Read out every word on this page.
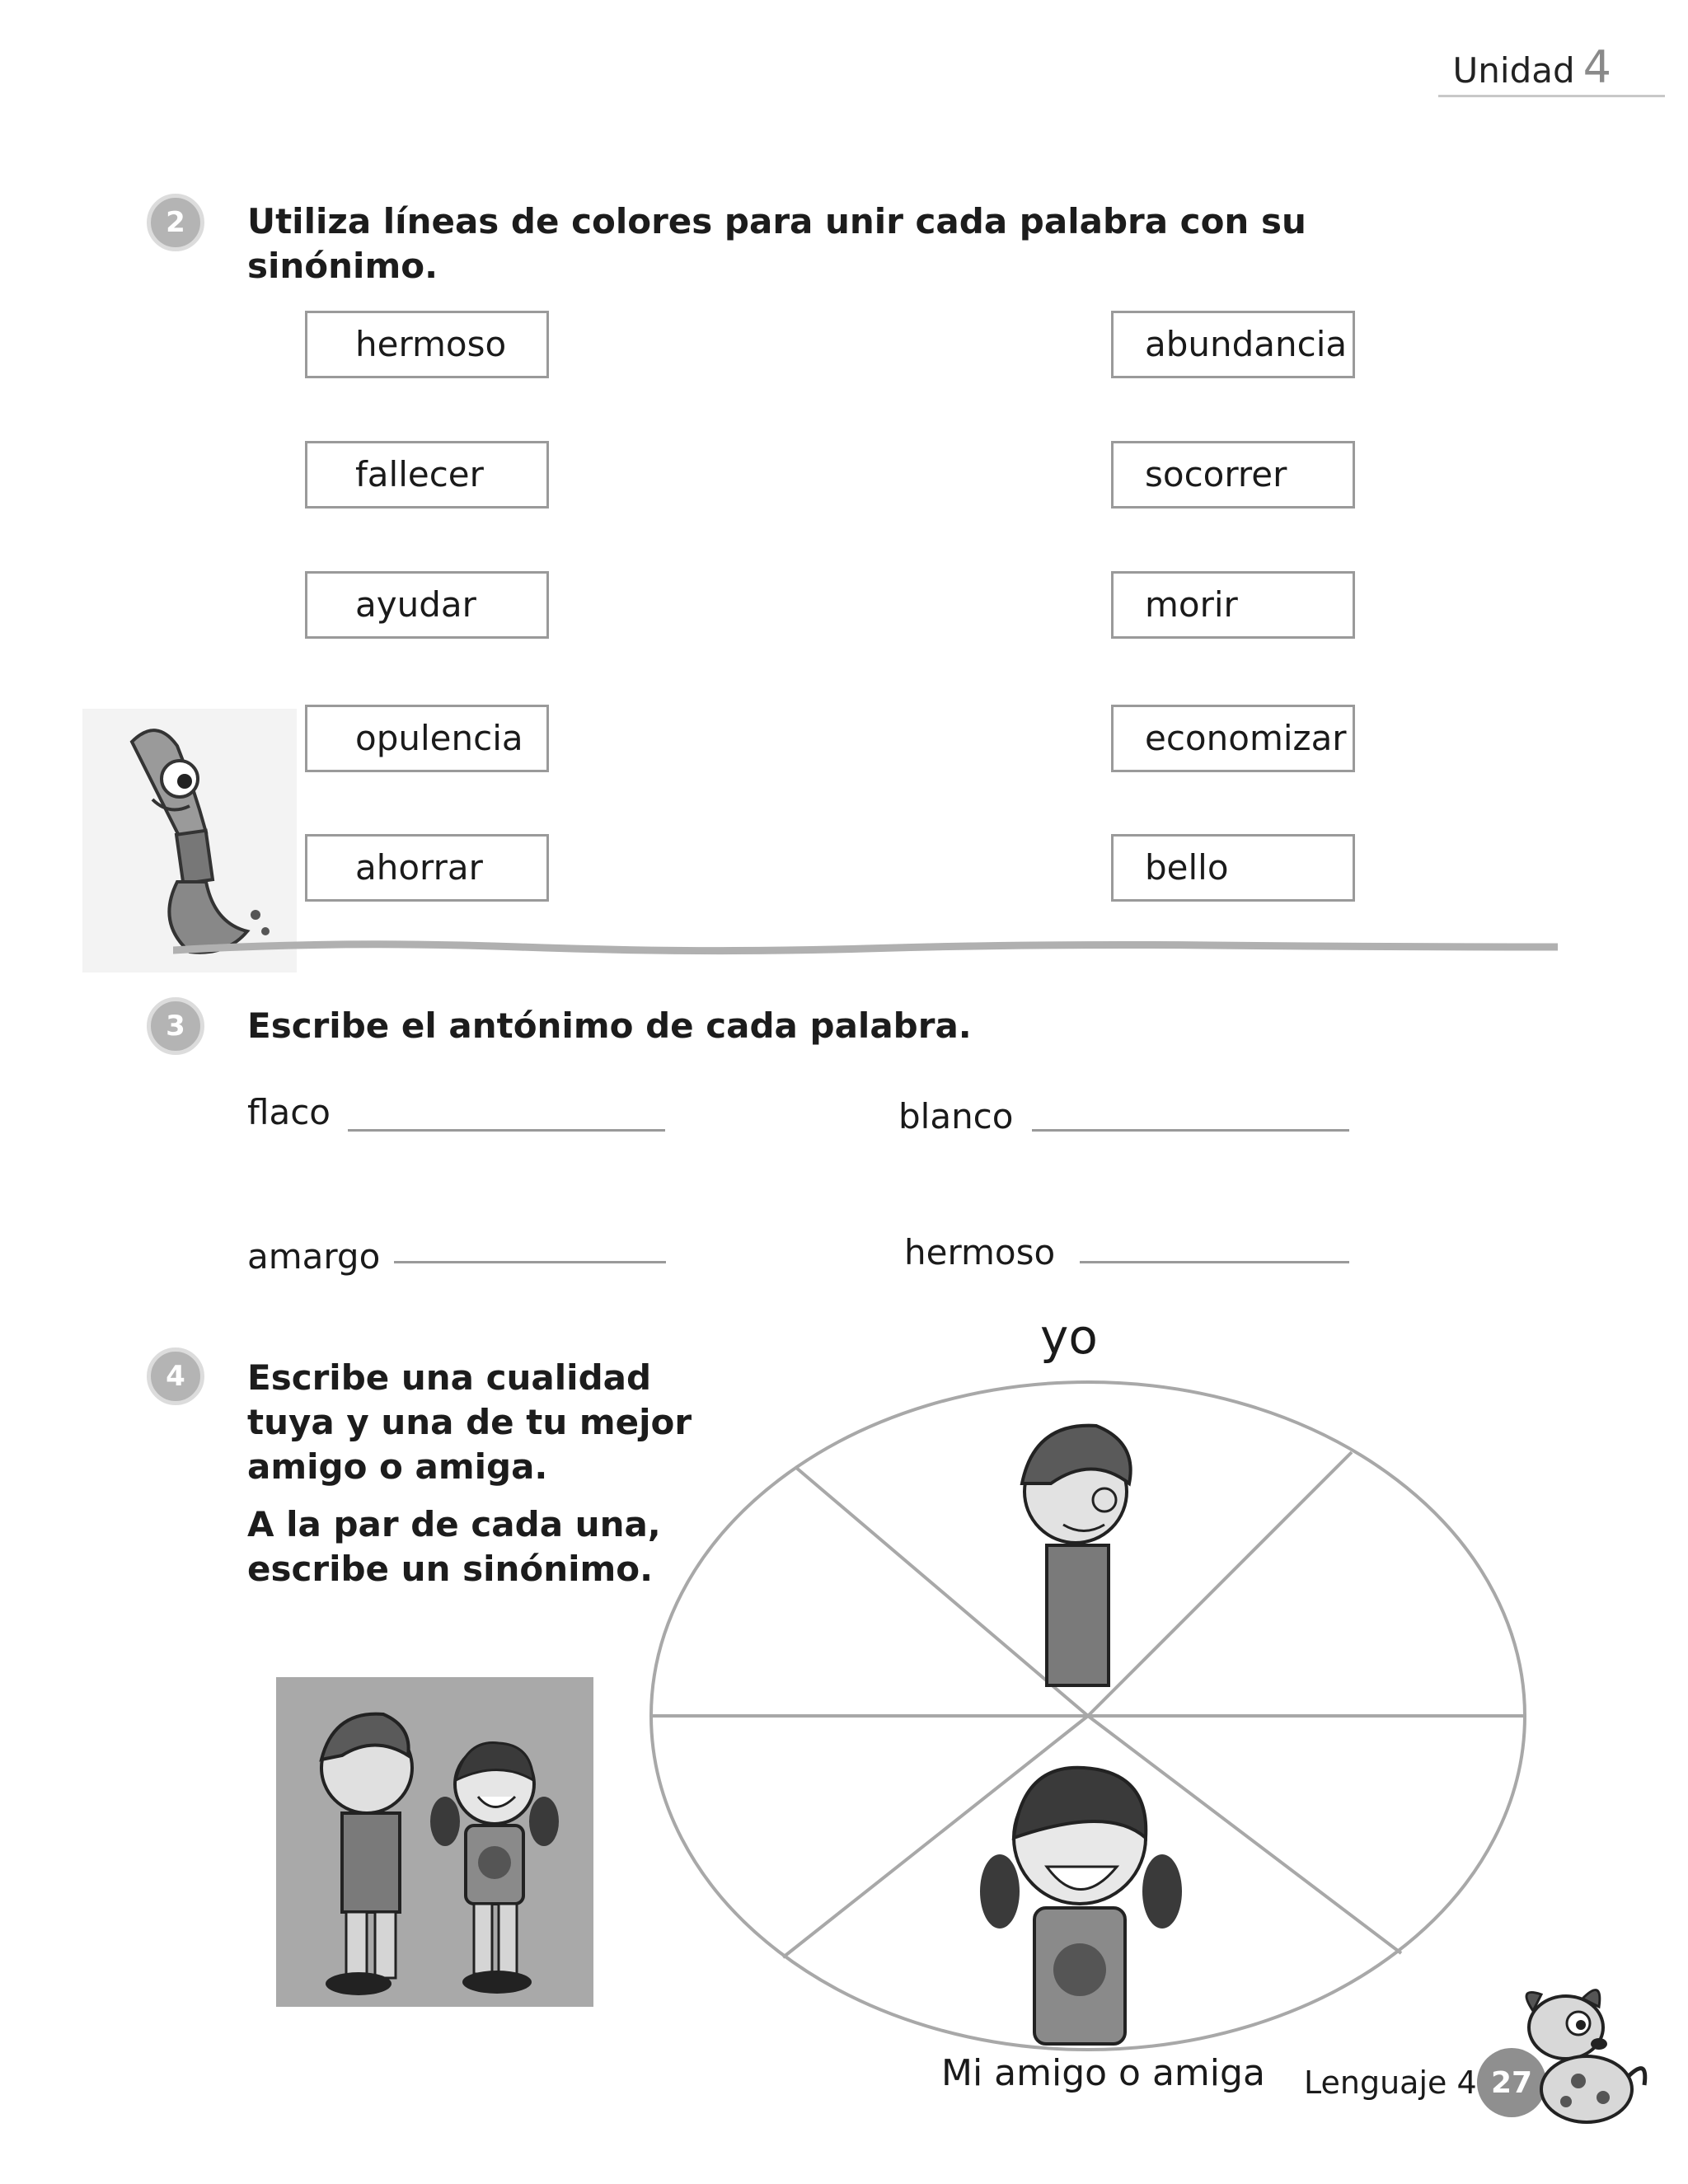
Unidad 4
2	Utiliza líneas de colores para unir cada palabra con su sinónimo.
hermoso
fallecer
ayudar
opulencia
ahorrar
abundancia
socorrer
morir
economizar
bello
3	Escribe el antónimo de cada palabra.
flaco	blanco
amargo	hermoso
4	Escribe una cualidad tuya y una de tu mejor amigo o amiga.
A la par de cada una, escribe un sinónimo.
yo
Mi amigo o amiga Lenguaje 4 27
